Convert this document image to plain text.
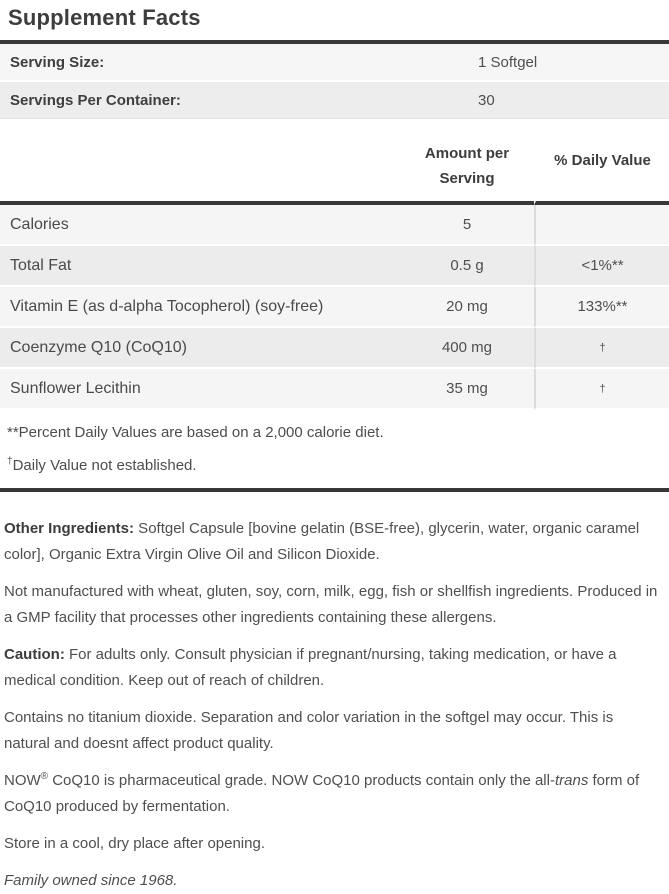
Supplement Facts
Serving Size:	1 Softgel
Servings Per Container:	30
	Amount per Serving	% Daily Value
Calories	5	
Total Fat	0.5 g	<1%**
Vitamin E (as d-alpha Tocopherol) (soy-free)	20 mg	133%**
Coenzyme Q10 (CoQ10)	400 mg	†
Sunflower Lecithin	35 mg	†

**Percent Daily Values are based on a 2,000 calorie diet.

†Daily Value not established.

Other Ingredients: Softgel Capsule [bovine gelatin (BSE-free), glycerin, water, organic caramel color], Organic Extra Virgin Olive Oil and Silicon Dioxide.

Not manufactured with wheat, gluten, soy, corn, milk, egg, fish or shellfish ingredients. Produced in a GMP facility that processes other ingredients containing these allergens.

Caution: For adults only. Consult physician if pregnant/nursing, taking medication, or have a medical condition. Keep out of reach of children.

Contains no titanium dioxide. Separation and color variation in the softgel may occur. This is natural and doesnt affect product quality.

NOW® CoQ10 is pharmaceutical grade. NOW CoQ10 products contain only the all-trans form of CoQ10 produced by fermentation.

Store in a cool, dry place after opening.

Family owned since 1968.
